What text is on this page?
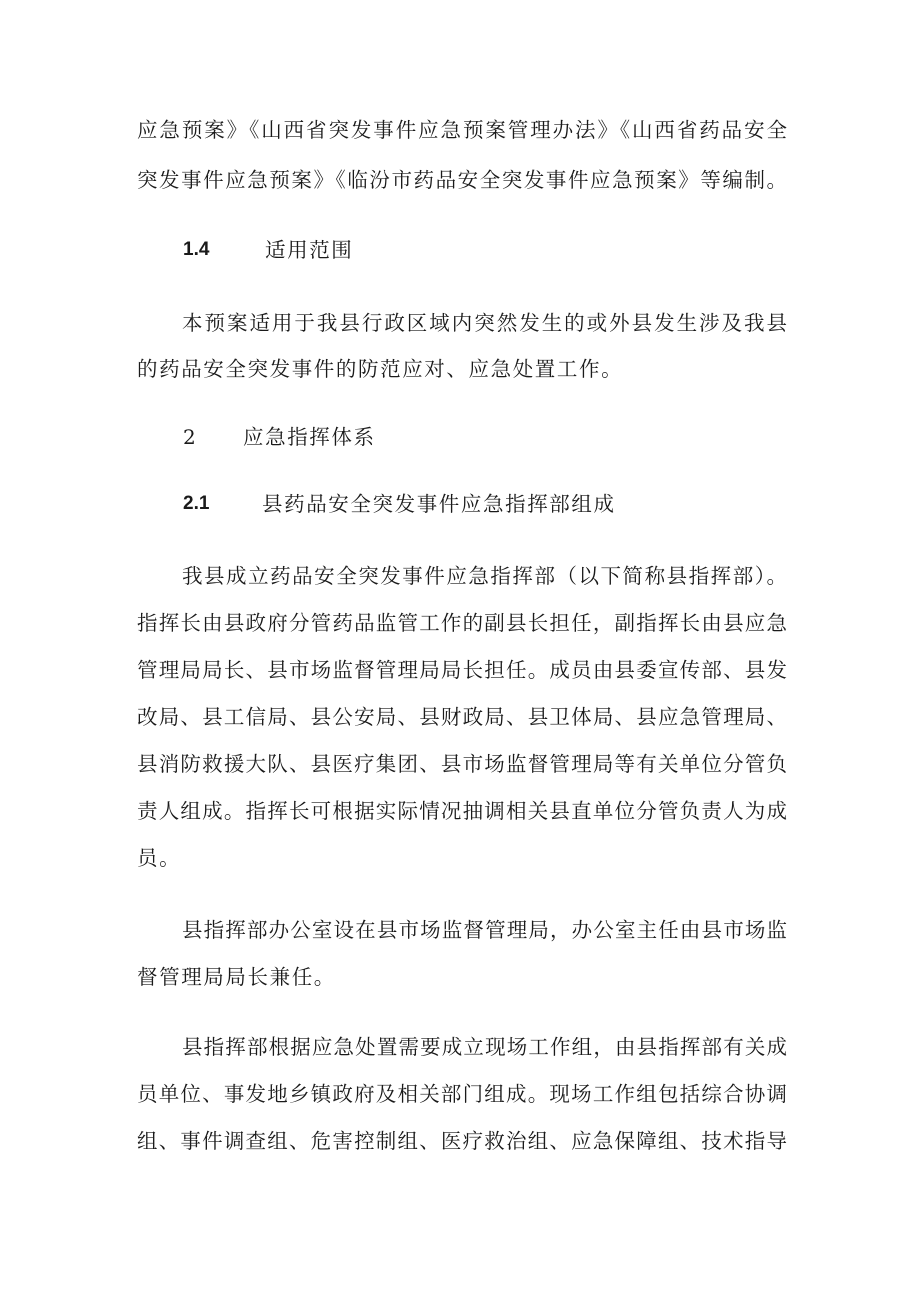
应急预案》《山西省突发事件应急预案管理办法》《山西省药品安全
突发事件应急预案》《临汾市药品安全突发事件应急预案》等编制。
1.4	适用范围
本预案适用于我县行政区域内突然发生的或外县发生涉及我县
的药品安全突发事件的防范应对、应急处置工作。
2 应急指挥体系
2.1	县药品安全突发事件应急指挥部组成
我县成立药品安全突发事件应急指挥部（以下简称县指挥部）。
指挥长由县政府分管药品监管工作的副县长担任，副指挥长由县应急
管理局局长、县市场监督管理局局长担任。成员由县委宣传部、县发
改局、县工信局、县公安局、县财政局、县卫体局、县应急管理局、
县消防救援大队、县医疗集团、县市场监督管理局等有关单位分管负
责人组成。指挥长可根据实际情况抽调相关县直单位分管负责人为成
员。
县指挥部办公室设在县市场监督管理局，办公室主任由县市场监
督管理局局长兼任。
县指挥部根据应急处置需要成立现场工作组，由县指挥部有关成
员单位、事发地乡镇政府及相关部门组成。现场工作组包括综合协调
组、事件调查组、危害控制组、医疗救治组、应急保障组、技术指导
